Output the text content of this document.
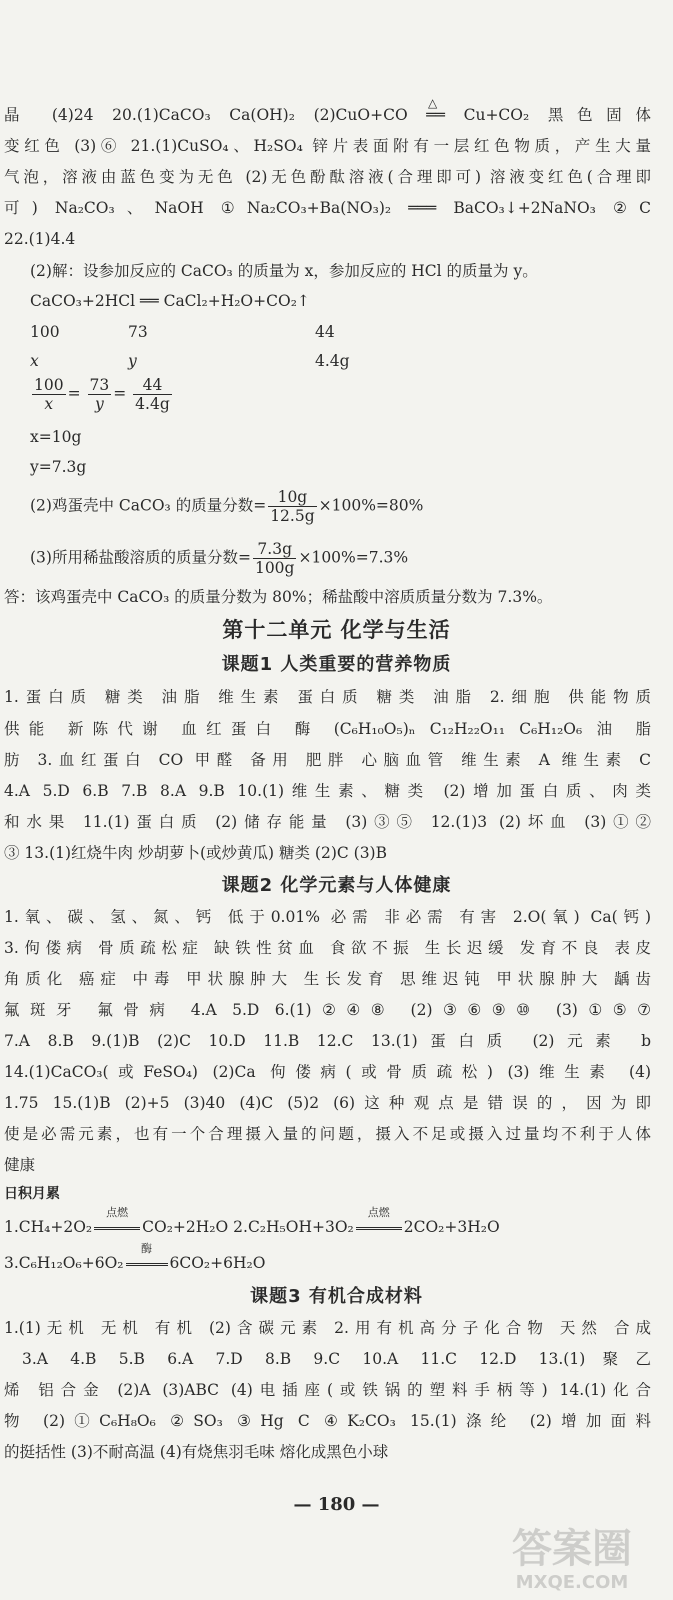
晶 (4)24 20.(1)CaCO₃ Ca(OH)₂ (2)CuO+CO ══ Cu+CO₂ 黑色固体
△
变红色 (3)⑥ 21.(1)CuSO₄、H₂SO₄ 锌片表面附有一层红色物质，产生大量
气泡，溶液由蓝色变为无色 (2)无色酚酞溶液(合理即可) 溶液变红色(合理即
可) Na₂CO₃、NaOH ①Na₂CO₃+Ba(NO₃)₂ ═══ BaCO₃↓+2NaNO₃ ②C
22.(1)4.4
(2)解：设参加反应的 CaCO₃ 的质量为 x，参加反应的 HCl 的质量为 y。
CaCO₃+2HCl ══ CaCl₂+H₂O+CO₂↑
100	73	44
x	y	4.4g
$\frac{100}{x} = \frac{73}{y} = \frac{44}{4.4g}$
x=10g
y=7.3g
(2)鸡蛋壳中 CaCO₃ 的质量分数= $\frac{10g}{12.5g} \times 100\%=80\%$
(3)所用稀盐酸溶质的质量分数= $\frac{7.3g}{100g} \times 100\%=7.3\%$
答：该鸡蛋壳中 CaCO₃ 的质量分数为 80%；稀盐酸中溶质质量分数为 7.3%。
第十二单元 化学与生活
课题1 人类重要的营养物质
1.蛋白质 糖类 油脂 维生素 蛋白质 糖类 油脂 2.细胞 供能物质
供能 新陈代谢 血红蛋白 酶 (C₆H₁₀O₅)ₙ C₁₂H₂₂O₁₁ C₆H₁₂O₆ 油 脂
肪 3.血红蛋白 CO 甲醛 备用 肥胖 心脑血管 维生素 A 维生素 C
4.A 5.D 6.B 7.B 8.A 9.B 10.(1)维生素、糖类 (2)增加蛋白质、肉类
和水果 11.(1)蛋白质 (2)储存能量 (3)③⑤ 12.(1)3 (2)坏血 (3)①②
③ 13.(1)红烧牛肉 炒胡萝卜(或炒黄瓜) 糖类 (2)C (3)B
课题2 化学元素与人体健康
1.氧、碳、氢、氮、钙 低于0.01% 必需 非必需 有害 2.O(氧) Ca(钙)
3.佝偻病 骨质疏松症 缺铁性贫血 食欲不振 生长迟缓 发育不良 表皮
角质化 癌症 中毒 甲状腺肿大 生长发育 思维迟钝 甲状腺肿大 龋齿
氟斑牙 氟骨病 4.A 5.D 6.(1)②④⑧ (2)③⑥⑨⑩ (3)①⑤⑦
7.A 8.B 9.(1)B (2)C 10.D 11.B 12.C 13.(1)蛋白质 (2)元素 b
14.(1)CaCO₃(或FeSO₄) (2)Ca 佝偻病(或骨质疏松) (3)维生素 (4)
1.75 15.(1)B (2)+5 (3)40 (4)C (5)2 (6)这种观点是错误的，因为即
使是必需元素，也有一个合理摄入量的问题，摄入不足或摄入过量均不利于人体
健康
日积月累
1.CH₄+2O₂
点燃
CO₂+2H₂O 2.C₂H₅OH+3O₂
点燃
2CO₂+3H₂O
3.C₆H₁₂O₆+6O₂
酶
6CO₂+6H₂O
课题3 有机合成材料
1.(1)无机 无机 有机 (2)含碳元素 2.用有机高分子化合物 天然 合成
3.A 4.B 5.B 6.A 7.D 8.B 9.C 10.A 11.C 12.D 13.(1)聚乙
烯 铝合金 (2)A (3)ABC (4)电插座(或铁锅的塑料手柄等) 14.(1)化合
物 (2)①C₆H₈O₆ ②SO₃ ③Hg C ④K₂CO₃ 15.(1)涤纶 (2)增加面料
的挺括性 (3)不耐高温 (4)有烧焦羽毛味 熔化成黑色小球
— 180 —
答案圈
MXQE.COM
